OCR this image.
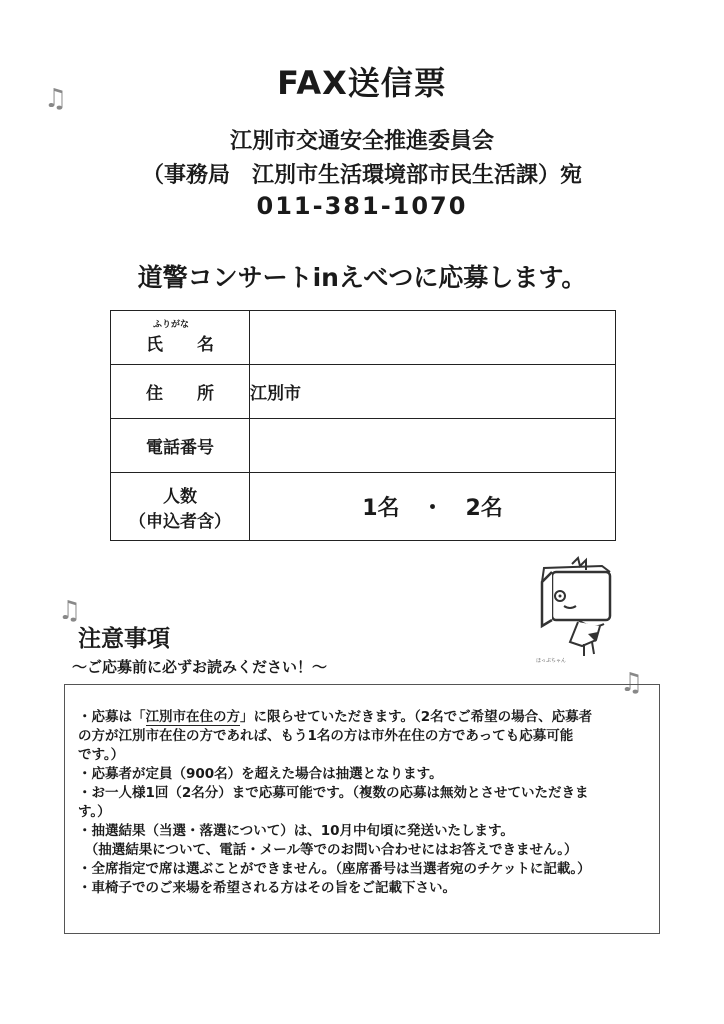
♫
♫
♫
FAX送信票
江別市交通安全推進委員会
（事務局　江別市生活環境部市民生活課）宛
011-381-1070
道警コンサートinえべつに応募します。
ふりがな
氏　　名	
住　　所	江別市
電話番号	

人数
（申込者含）	1名　・　2名
ほっぷちゃん
注意事項
～ご応募前に必ずお読みください！～
・応募は「江別市在住の方」に限らせていただきます。（2名でご希望の場合、応募者
の方が江別市在住の方であれば、もう1名の方は市外在住の方であっても応募可能
です。）
・応募者が定員（900名）を超えた場合は抽選となります。
・お一人様1回（2名分）まで応募可能です。（複数の応募は無効とさせていただきま
す。）
・抽選結果（当選・落選について）は、10月中旬頃に発送いたします。
　（抽選結果について、電話・メール等でのお問い合わせにはお答えできません。）
・全席指定で席は選ぶことができません。（座席番号は当選者宛のチケットに記載。）
・車椅子でのご来場を希望される方はその旨をご記載下さい。
